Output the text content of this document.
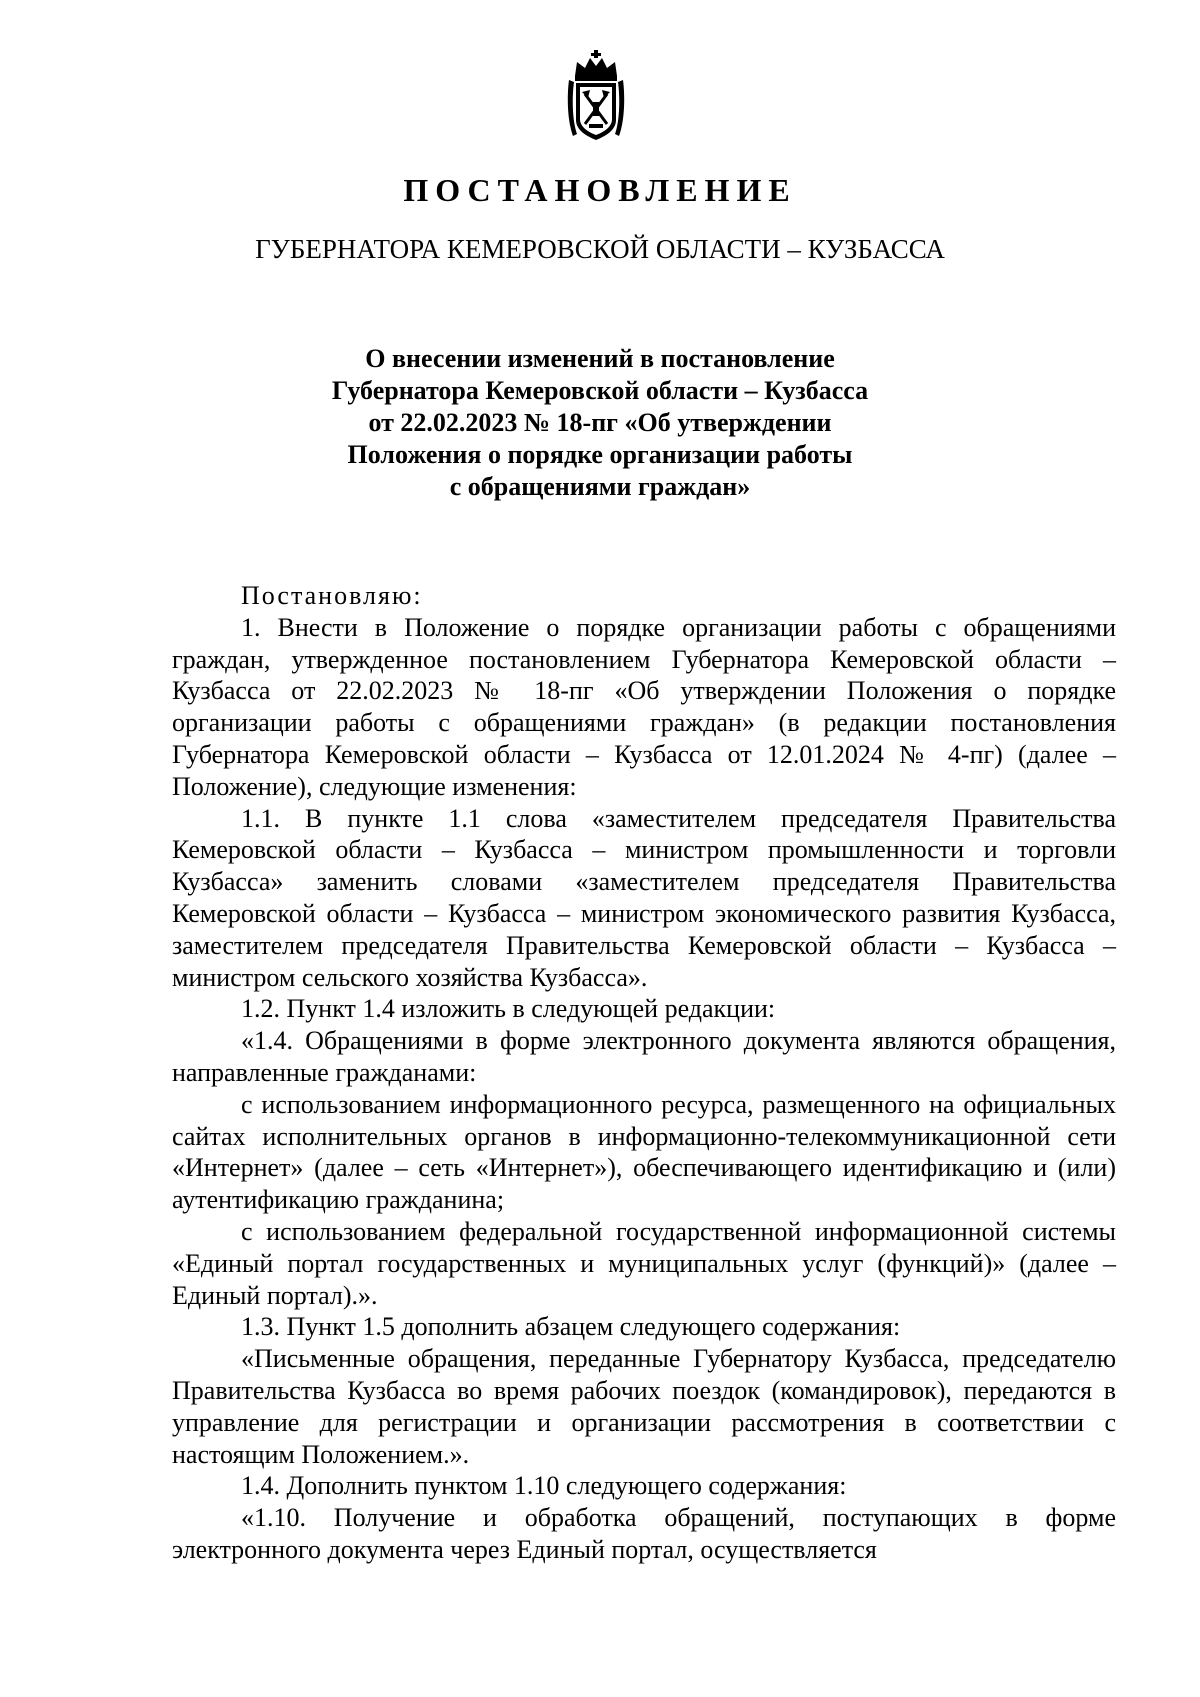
ПОСТАНОВЛЕНИЕ
ГУБЕРНАТОРА КЕМЕРОВСКОЙ ОБЛАСТИ – КУЗБАССА
О внесении изменений в постановление
Губернатора Кемеровской области – Кузбасса
от 22.02.2023 № 18-пг «Об утверждении
Положения о порядке организации работы
с обращениями граждан»

Постановляю:

1. Внести в Положение о порядке организации работы с обращениями граждан, утвержденное постановлением Губернатора Кемеровской области – Кузбасса от 22.02.2023 № 18-пг «Об утверждении Положения о порядке организации работы с обращениями граждан» (в редакции постановления Губернатора Кемеровской области – Кузбасса от 12.01.2024 № 4-пг) (далее – Положение), следующие изменения:

1.1. В пункте 1.1 слова «заместителем председателя Правительства Кемеровской области – Кузбасса – министром промышленности и торговли Кузбасса» заменить словами «заместителем председателя Правительства Кемеровской области – Кузбасса – министром экономического развития Кузбасса, заместителем председателя Правительства Кемеровской области – Кузбасса – министром сельского хозяйства Кузбасса».

1.2. Пункт 1.4 изложить в следующей редакции:

«1.4. Обращениями в форме электронного документа являются обращения, направленные гражданами:

с использованием информационного ресурса, размещенного на официальных сайтах исполнительных органов в информационно-телекоммуникационной сети «Интернет» (далее – сеть «Интернет»), обеспечивающего идентификацию и (или) аутентификацию гражданина;

с использованием федеральной государственной информационной системы «Единый портал государственных и муниципальных услуг (функций)» (далее – Единый портал).».

1.3. Пункт 1.5 дополнить абзацем следующего содержания:

«Письменные обращения, переданные Губернатору Кузбасса, председателю Правительства Кузбасса во время рабочих поездок (командировок), передаются в управление для регистрации и организации рассмотрения в соответствии с настоящим Положением.».

1.4. Дополнить пунктом 1.10 следующего содержания:

«1.10. Получение и обработка обращений, поступающих в форме электронного документа через Единый портал, осуществляется
